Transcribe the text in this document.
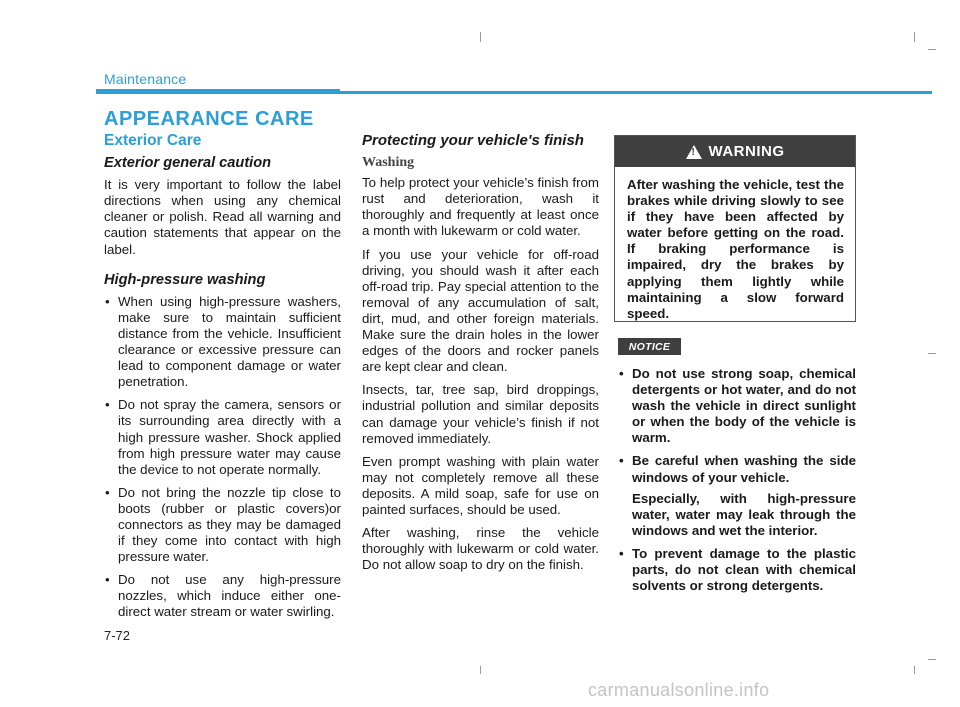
Maintenance
APPEARANCE CARE
Exterior Care
Exterior general caution

It is very important to follow the label directions when using any chemical cleaner or polish. Read all warning and caution statements that appear on the label.

High-pressure washing
• When using high-pressure washers, make sure to maintain sufficient distance from the vehicle. Insufficient clearance or excessive pressure can lead to component damage or water penetration.
• Do not spray the camera, sensors or its surrounding area directly with a high pressure washer. Shock applied from high pressure water may cause the device to not operate normally.
• Do not bring the nozzle tip close to boots (rubber or plastic covers)or connectors as they may be damaged if they come into contact with high pressure water.
• Do not use any high-pressure nozzles, which induce either one-direct water stream or water swirling.
Protecting your vehicle's finish
Washing

To help protect your vehicle’s finish from rust and deterioration, wash it thoroughly and frequently at least once a month with lukewarm or cold water.

If you use your vehicle for off-road driving, you should wash it after each off-road trip. Pay special attention to the removal of any accumulation of salt, dirt, mud, and other foreign materials. Make sure the drain holes in the lower edges of the doors and rocker panels are kept clear and clean.

Insects, tar, tree sap, bird droppings, industrial pollution and similar deposits can damage your vehicle’s finish if not removed immediately.

Even prompt washing with plain water may not completely remove all these deposits. A mild soap, safe for use on painted surfaces, should be used.

After washing, rinse the vehicle thoroughly with lukewarm or cold water. Do not allow soap to dry on the finish.

! WARNING
After washing the vehicle, test the brakes while driving slowly to see if they have been affected by water before getting on the road. If braking performance is impaired, dry the brakes by applying them lightly while maintaining a slow forward speed.
NOTICE
• Do not use strong soap, chemical detergents or hot water, and do not wash the vehicle in direct sunlight or when the body of the vehicle is warm.
• Be careful when washing the side windows of your vehicle.

Especially, with high-pressure water, water may leak through the windows and wet the interior.

• To prevent damage to the plastic parts, do not clean with chemical solvents or strong detergents.
7-72
carmanualsonline.info
